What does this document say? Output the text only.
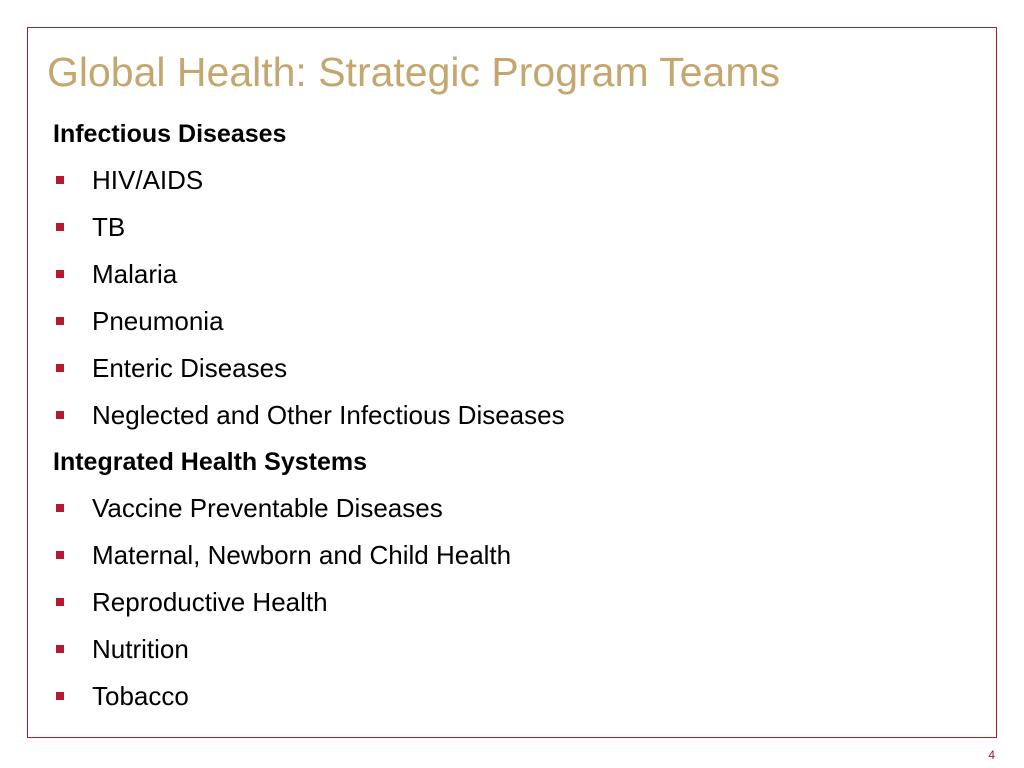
Global Health: Strategic Program Teams
Infectious Diseases
HIV/AIDS
TB
Malaria
Pneumonia
Enteric Diseases
Neglected and Other Infectious Diseases
Integrated Health Systems
Vaccine Preventable Diseases
Maternal, Newborn and Child Health
Reproductive Health
Nutrition
Tobacco
4
